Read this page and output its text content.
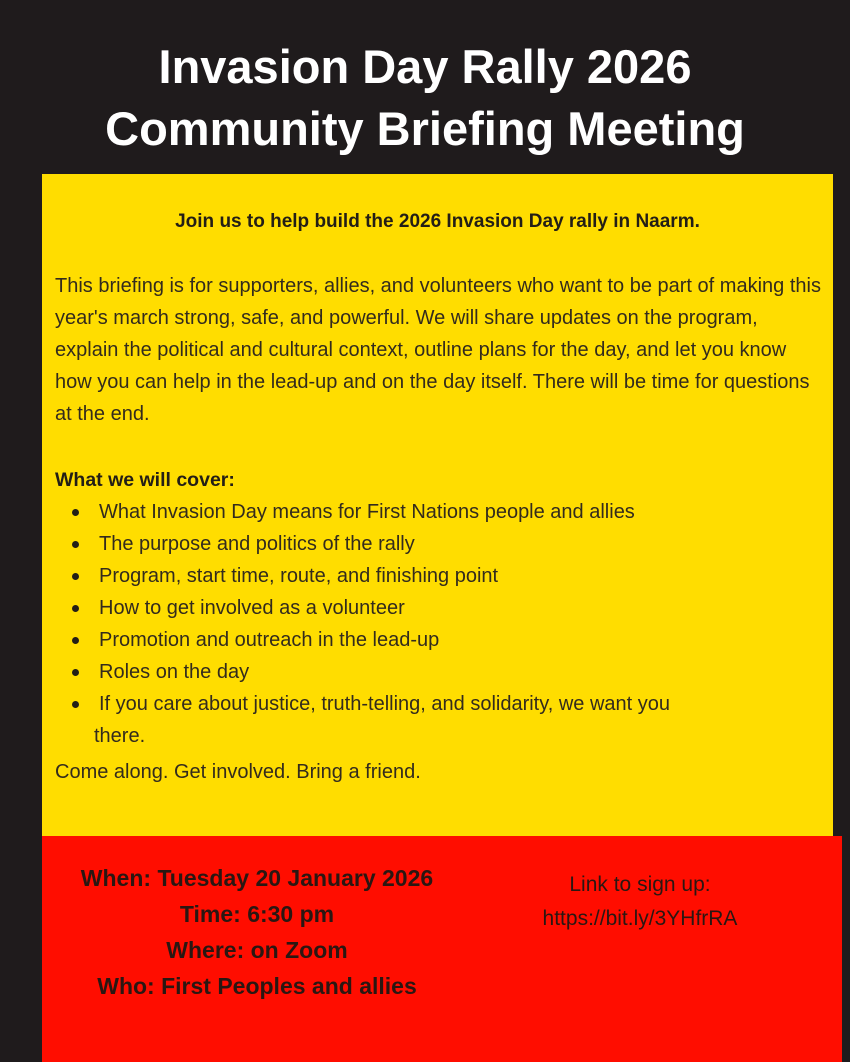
Invasion Day Rally 2026
Community Briefing Meeting
Join us to help build the 2026 Invasion Day rally in Naarm.

This briefing is for supporters, allies, and volunteers who want to be part of making this year's march strong, safe, and powerful. We will share updates on the program, explain the political and cultural context, outline plans for the day, and let you know how you can help in the lead-up and on the day itself. There will be time for questions at the end.

What we will cover:
What Invasion Day means for First Nations people and allies
The purpose and politics of the rally
Program, start time, route, and finishing point
How to get involved as a volunteer
Promotion and outreach in the lead-up
Roles on the day
If you care about justice, truth-telling, and solidarity, we want you
there.
Come along. Get involved. Bring a friend.
When: Tuesday 20 January 2026
Time: 6:30 pm
Where: on Zoom
Who: First Peoples and allies
Link to sign up:
https://bit.ly/3YHfrRA
